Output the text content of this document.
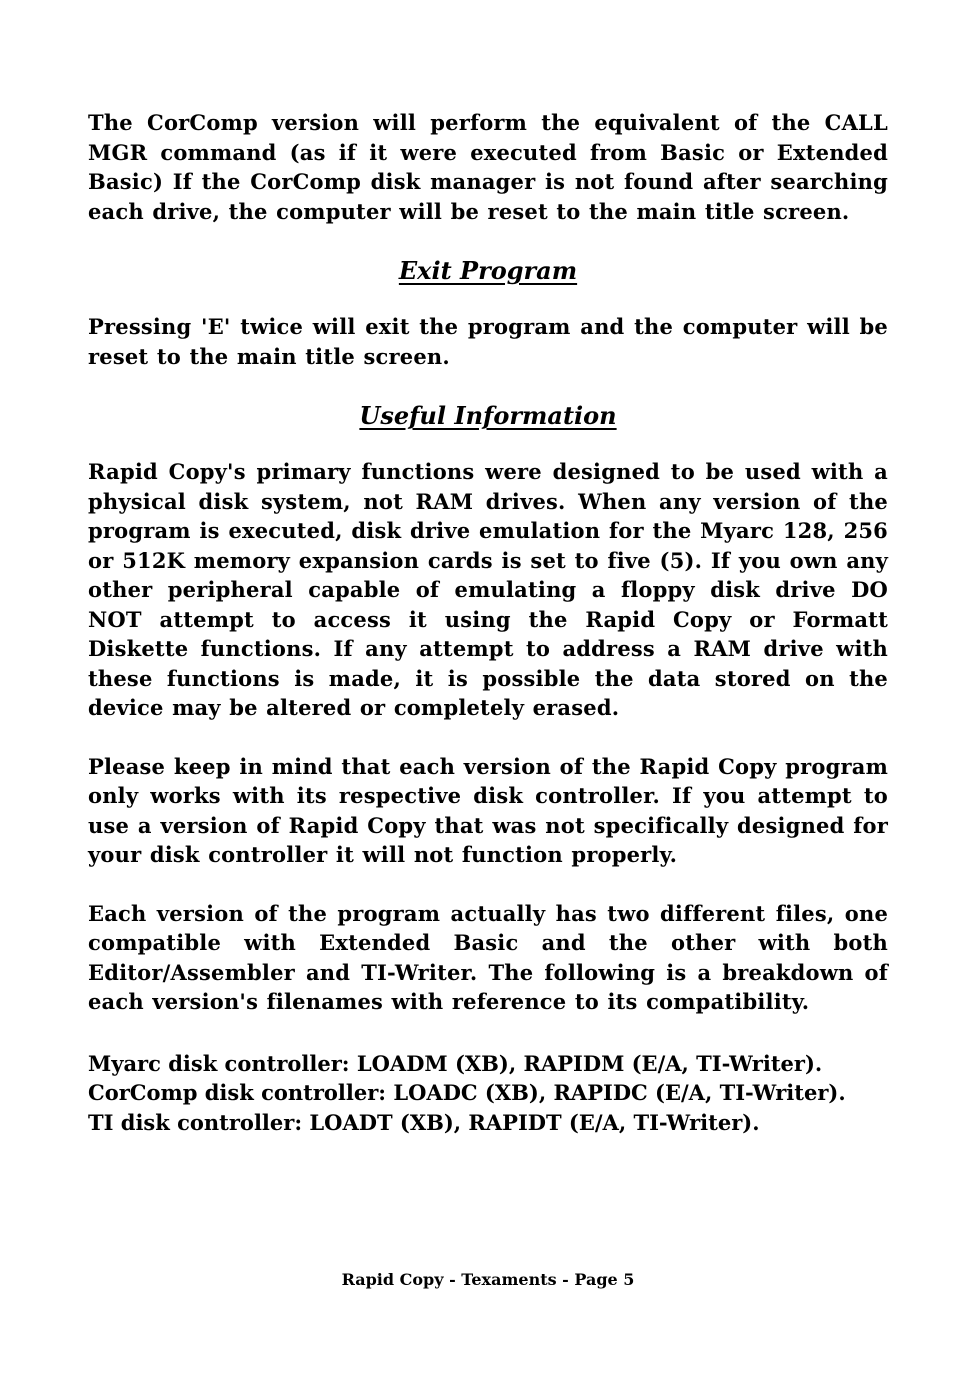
The CorComp version will perform the equivalent of the CALL MGR command (as if it were executed from Basic or Extended Basic) If the CorComp disk manager is not found after searching each drive, the computer will be reset to the main title screen.

Exit Program

Pressing 'E' twice will exit the program and the computer will be reset to the main title screen.

Useful Information

Rapid Copy's primary functions were designed to be used with a physical disk system, not RAM drives. When any version of the program is executed, disk drive emulation for the Myarc 128, 256 or 512K memory expansion cards is set to five (5). If you own any other peripheral capable of emulating a floppy disk drive DO NOT attempt to access it using the Rapid Copy or Formatt Diskette functions. If any attempt to address a RAM drive with these functions is made, it is possible the data stored on the device may be altered or completely erased.

Please keep in mind that each version of the Rapid Copy program only works with its respective disk controller. If you attempt to use a version of Rapid Copy that was not specifically designed for your disk controller it will not function properly.

Each version of the program actually has two different files, one compatible with Extended Basic and the other with both Editor/Assembler and TI-Writer. The following is a breakdown of each version's filenames with reference to its compatibility.

Myarc disk controller: LOADM (XB), RAPIDM (E/A, TI-Writer).
CorComp disk controller: LOADC (XB), RAPIDC (E/A, TI-Writer).
TI disk controller: LOADT (XB), RAPIDT (E/A, TI-Writer).
Rapid Copy - Texaments - Page 5
